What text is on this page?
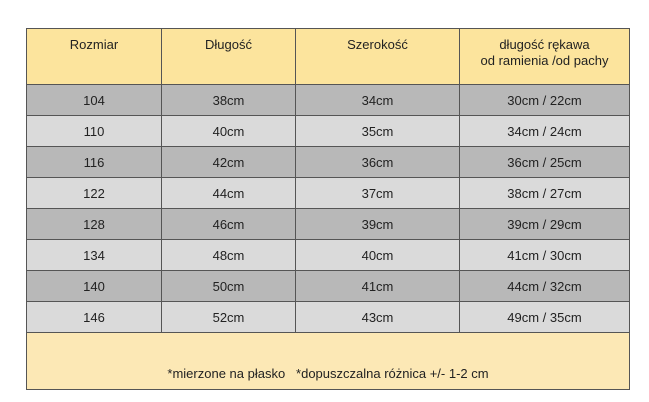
Rozmiar	Długość	Szerokość	długość rękawa
od ramienia /od pachy

104	38cm	34cm	30cm / 22cm
110	40cm	35cm	34cm / 24cm
116	42cm	36cm	36cm / 25cm
122	44cm	37cm	38cm / 27cm
128	46cm	39cm	39cm / 29cm
134	48cm	40cm	41cm / 30cm
140	50cm	41cm	44cm / 32cm
146	52cm	43cm	49cm / 35cm
*mierzone na płasko   *dopuszczalna różnica +/- 1-2 cm			
